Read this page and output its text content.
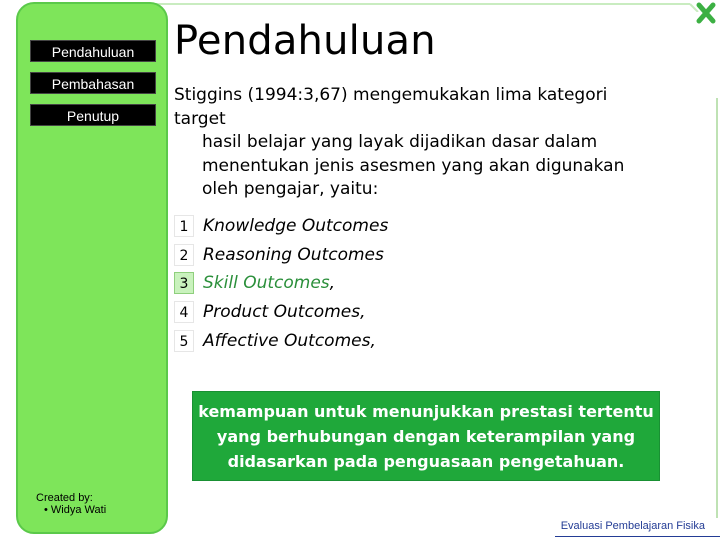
Pendahuluan
Pembahasan
Penutup
Created by:
• Widya Wati
Pendahuluan
Stiggins (1994:3,67) mengemukakan lima kategori target
hasil belajar yang layak dijadikan dasar dalam menentukan jenis asesmen yang akan digunakan oleh pengajar, yaitu:
1 Knowledge Outcomes
2 Reasoning Outcomes
3 Skill Outcomes ,
4 Product Outcomes,
5 Affective Outcomes,
kemampuan untuk menunjukkan prestasi tertentu yang berhubungan dengan keterampilan yang didasarkan pada penguasaan pengetahuan.
Evaluasi Pembelajaran Fisika
